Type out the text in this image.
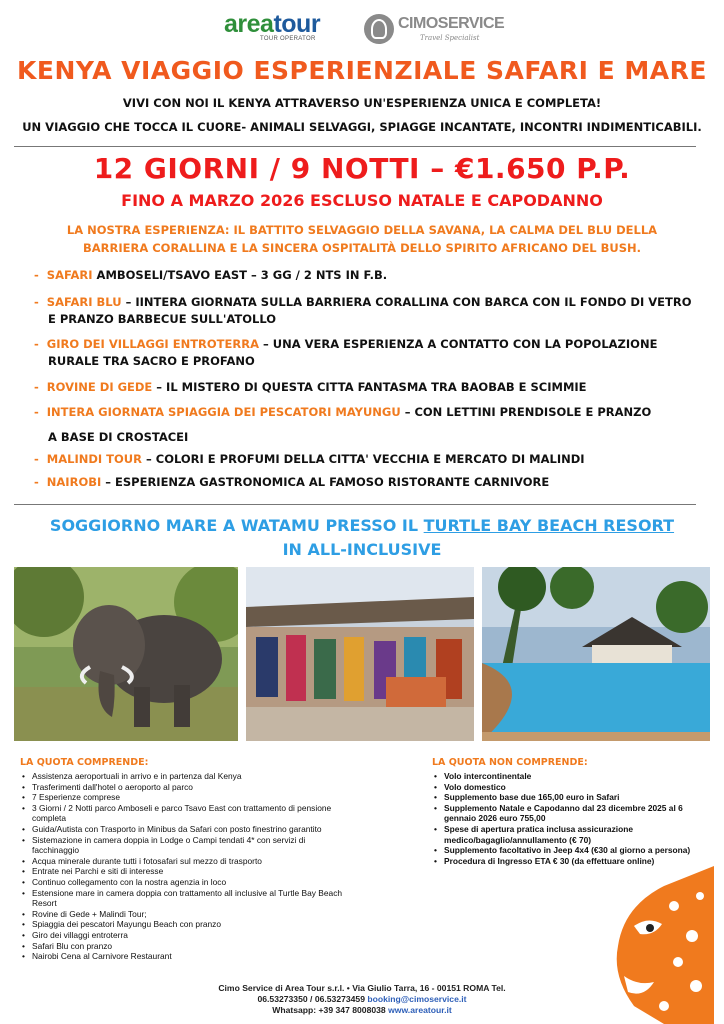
areatour
TOUR OPERATOR
CIMOSERVICE
Travel Specialist
KENYA VIAGGIO ESPERIENZIALE SAFARI E MARE
VIVI CON NOI IL KENYA ATTRAVERSO UN'ESPERIENZA UNICA E COMPLETA!
UN VIAGGIO CHE TOCCA IL CUORE- ANIMALI SELVAGGI, SPIAGGE INCANTATE, INCONTRI INDIMENTICABILI.
12 GIORNI / 9 NOTTI – €1.650 P.P.
FINO A MARZO 2026 ESCLUSO NATALE E CAPODANNO
LA NOSTRA ESPERIENZA: IL BATTITO SELVAGGIO DELLA SAVANA, LA CALMA DEL BLU DELLA
BARRIERA CORALLINA E LA SINCERA OSPITALITÀ DELLO SPIRITO AFRICANO DEL BUSH.
- SAFARI AMBOSELI/TSAVO EAST – 3 GG / 2 NTS IN F.B.
- SAFARI BLU – IINTERA GIORNATA SULLA BARRIERA CORALLINA CON BARCA CON IL FONDO DI VETRO
E PRANZO BARBECUE SULL'ATOLLO
- GIRO DEI VILLAGGI ENTROTERRA – UNA VERA ESPERIENZA A CONTATTO CON LA POPOLAZIONE
RURALE TRA SACRO E PROFANO
- ROVINE DI GEDE – IL MISTERO DI QUESTA CITTA FANTASMA TRA BAOBAB E SCIMMIE
- INTERA GIORNATA SPIAGGIA DEI PESCATORI MAYUNGU – CON LETTINI PRENDISOLE E PRANZO
A BASE DI CROSTACEI
- MALINDI TOUR – COLORI E PROFUMI DELLA CITTA' VECCHIA E MERCATO DI MALINDI
- NAIROBI – ESPERIENZA GASTRONOMICA AL FAMOSO RISTORANTE CARNIVORE
SOGGIORNO MARE A WATAMU PRESSO IL TURTLE BAY BEACH RESORT
IN ALL-INCLUSIVE
LA QUOTA COMPRENDE:
• Assistenza aeroportuali in arrivo e in partenza dal Kenya
• Trasferimenti dall'hotel o aeroporto al parco
• 7 Esperienze comprese
• 3 Giorni / 2 Notti parco Amboseli e parco Tsavo East con trattamento di pensione completa
• Guida/Autista con Trasporto in Minibus da Safari con posto finestrino garantito
• Sistemazione in camera doppia in Lodge o Campi tendati 4* con servizi di facchinaggio
• Acqua minerale durante tutti i fotosafari sul mezzo di trasporto
• Entrate nei Parchi e siti di interesse
• Continuo collegamento con la nostra agenzia in loco
• Estensione mare in camera doppia con trattamento all inclusive al Turtle Bay Beach Resort
• Rovine di Gede + Malindi Tour;
• Spiaggia dei pescatori Mayungu Beach con pranzo
• Giro dei villaggi entroterra
• Safari Blu con pranzo
• Nairobi Cena al Carnivore Restaurant
LA QUOTA NON COMPRENDE:
• Volo intercontinentale
• Volo domestico
• Supplemento base due 165,00 euro in Safari
• Supplemento Natale e Capodanno dal 23 dicembre 2025 al 6 gennaio 2026 euro 755,00
• Spese di apertura pratica inclusa assicurazione medico/bagaglio/annullamento (€ 70)
• Supplemento facoltativo in Jeep 4x4 (€30 al giorno a persona)
• Procedura di Ingresso ETA € 30 (da effettuare online)
Cimo Service di Area Tour s.r.l. • Via Giulio Tarra, 16 - 00151 ROMA Tel.
06.53273350 / 06.53273459 booking@cimoservice.it
Whatsapp: +39 347 8008038 www.areatour.it
